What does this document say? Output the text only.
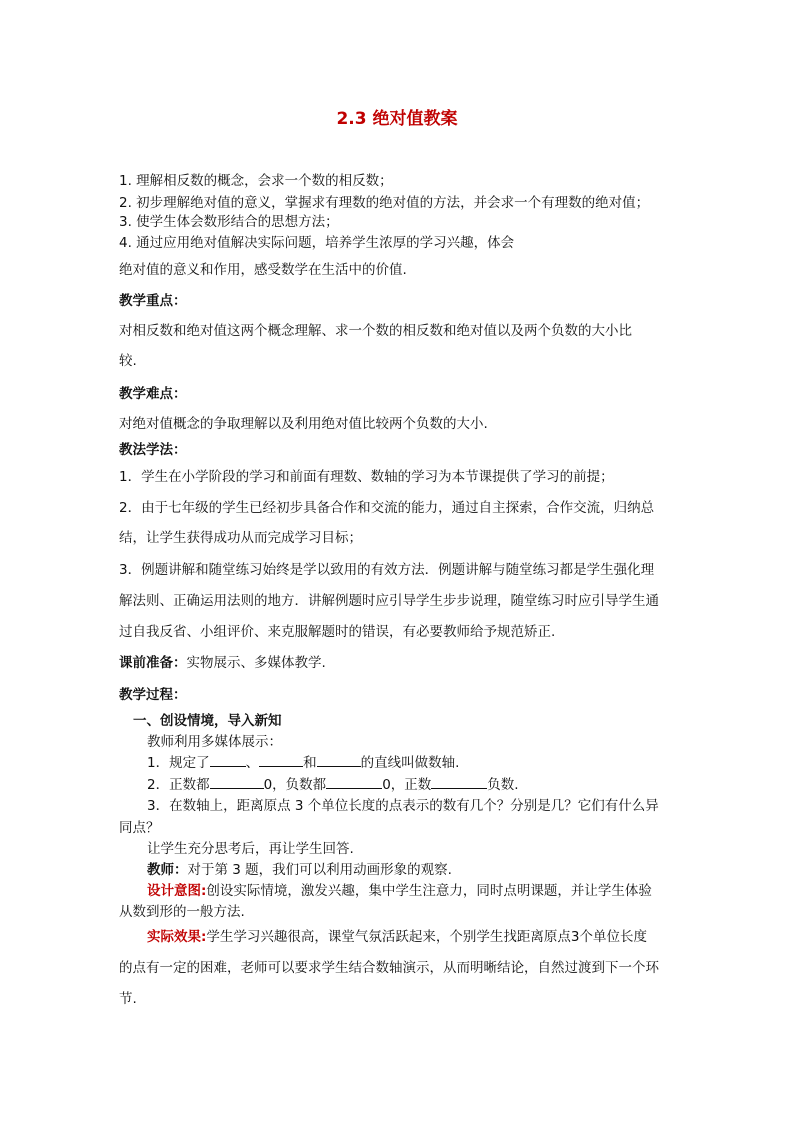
2.3 绝对值教案
1. 理解相反数的概念，会求一个数的相反数；
2. 初步理解绝对值的意义，掌握求有理数的绝对值的方法，并会求一个有理数的绝对值；
3. 使学生体会数形结合的思想方法；
4. 通过应用绝对值解决实际问题，培养学生浓厚的学习兴趣，体会
绝对值的意义和作用，感受数学在生活中的价值.
教学重点：
对相反数和绝对值这两个概念理解、求一个数的相反数和绝对值以及两个负数的大小比
较.
教学难点：
对绝对值概念的争取理解以及利用绝对值比较两个负数的大小.
教法学法：
1．学生在小学阶段的学习和前面有理数、数轴的学习为本节课提供了学习的前提；
2．由于七年级的学生已经初步具备合作和交流的能力，通过自主探索，合作交流，归纳总
结，让学生获得成功从而完成学习目标；
3．例题讲解和随堂练习始终是学以致用的有效方法．例题讲解与随堂练习都是学生强化理
解法则、正确运用法则的地方．讲解例题时应引导学生步步说理，随堂练习时应引导学生通
过自我反省、小组评价、来克服解题时的错误，有必要教师给予规范矫正.
课前准备：实物展示、多媒体教学.
教学过程：
一、创设情境，导入新知
教师利用多媒体展示：
1．规定了	、	和	的直线叫做数轴.
2．正数都	0，负数都	0，正数	负数.
3．在数轴上，距离原点 3 个单位长度的点表示的数有几个？分别是几？它们有什么异
同点？
让学生充分思考后，再让学生回答.
教师：对于第 3 题，我们可以利用动画形象的观察.
设计意图:创设实际情境，激发兴趣，集中学生注意力，同时点明课题，并让学生体验
从数到形的一般方法.
实际效果:学生学习兴趣很高，课堂气氛活跃起来，个别学生找距离原点3个单位长度
的点有一定的困难，老师可以要求学生结合数轴演示，从而明晰结论，自然过渡到下一个环
节.
